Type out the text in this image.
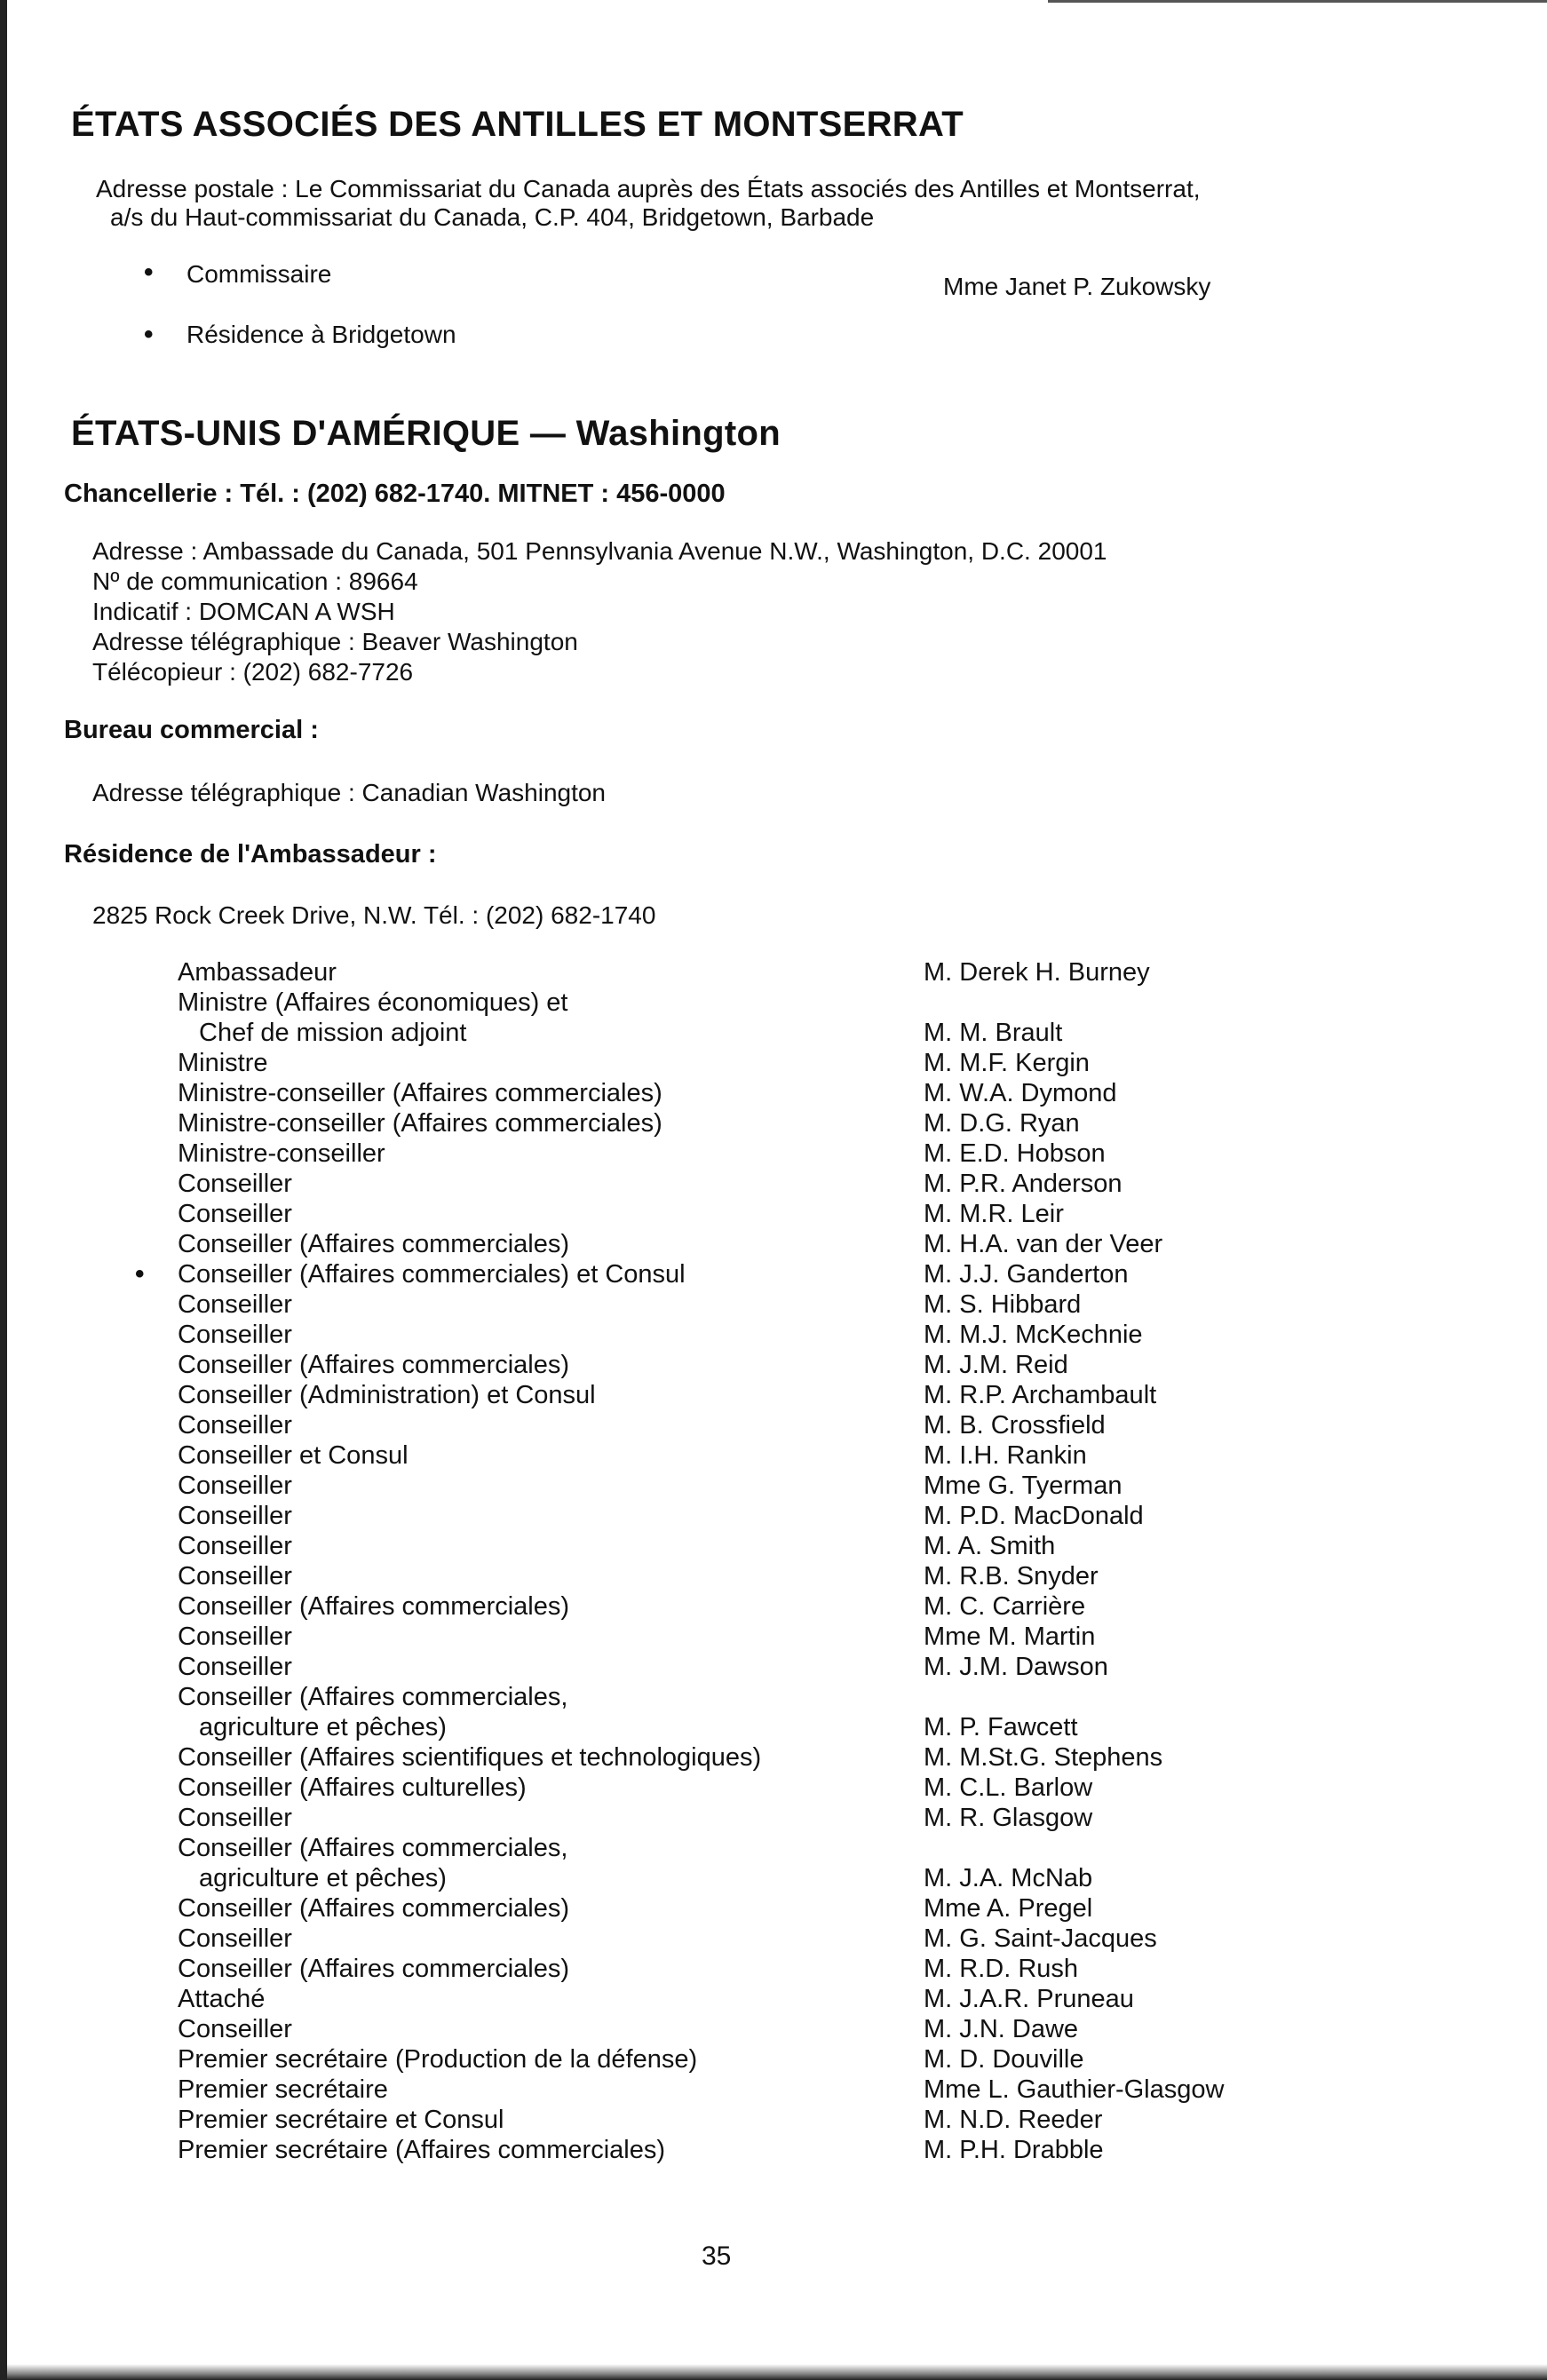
ÉTATS ASSOCIÉS DES ANTILLES ET MONTSERRAT
Adresse postale : Le Commissariat du Canada auprès des États associés des Antilles et Montserrat,
a/s du Haut-commissariat du Canada, C.P. 404, Bridgetown, Barbade
• Commissaire	Mme Janet P. Zukowsky
• Résidence à Bridgetown
ÉTATS-UNIS D'AMÉRIQUE — Washington
Chancellerie : Tél. : (202) 682-1740. MITNET : 456-0000
Adresse : Ambassade du Canada, 501 Pennsylvania Avenue N.W., Washington, D.C. 20001
Nº de communication : 89664
Indicatif : DOMCAN A WSH
Adresse télégraphique : Beaver Washington
Télécopieur : (202) 682-7726
Bureau commercial :
Adresse télégraphique : Canadian Washington
Résidence de l'Ambassadeur :
2825 Rock Creek Drive, N.W. Tél. : (202) 682-1740
Ambassadeur	M. Derek H. Burney
Ministre (Affaires économiques) et
Chef de mission adjoint	M. M. Brault
Ministre	M. M.F. Kergin
Ministre-conseiller (Affaires commerciales)	M. W.A. Dymond
Ministre-conseiller (Affaires commerciales)	M. D.G. Ryan
Ministre-conseiller	M. E.D. Hobson
Conseiller	M. P.R. Anderson
Conseiller	M. M.R. Leir
Conseiller (Affaires commerciales)	M. H.A. van der Veer
• Conseiller (Affaires commerciales) et Consul	M. J.J. Ganderton
Conseiller	M. S. Hibbard
Conseiller	M. M.J. McKechnie
Conseiller (Affaires commerciales)	M. J.M. Reid
Conseiller (Administration) et Consul	M. R.P. Archambault
Conseiller	M. B. Crossfield
Conseiller et Consul	M. I.H. Rankin
Conseiller	Mme G. Tyerman
Conseiller	M. P.D. MacDonald
Conseiller	M. A. Smith
Conseiller	M. R.B. Snyder
Conseiller (Affaires commerciales)	M. C. Carrière
Conseiller	Mme M. Martin
Conseiller	M. J.M. Dawson
Conseiller (Affaires commerciales,
agriculture et pêches)	M. P. Fawcett
Conseiller (Affaires scientifiques et technologiques)	M. M.St.G. Stephens
Conseiller (Affaires culturelles)	M. C.L. Barlow
Conseiller	M. R. Glasgow
Conseiller (Affaires commerciales,
agriculture et pêches)	M. J.A. McNab
Conseiller (Affaires commerciales)	Mme A. Pregel
Conseiller	M. G. Saint-Jacques
Conseiller (Affaires commerciales)	M. R.D. Rush
Attaché	M. J.A.R. Pruneau
Conseiller	M. J.N. Dawe
Premier secrétaire (Production de la défense)	M. D. Douville
Premier secrétaire	Mme L. Gauthier-Glasgow
Premier secrétaire et Consul	M. N.D. Reeder
Premier secrétaire (Affaires commerciales)	M. P.H. Drabble
35
